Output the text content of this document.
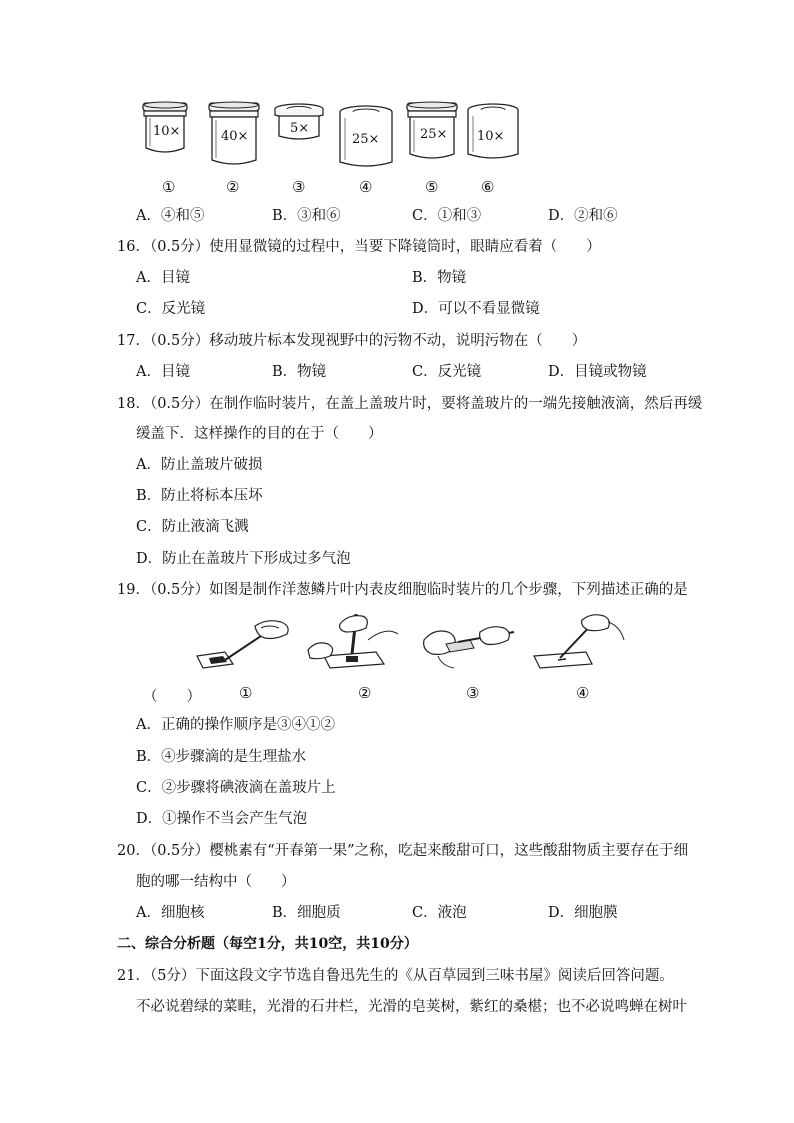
10×	40×
5×
25×	25× 10×
①	②	③	④	⑤	⑥
A．④和⑤	B．③和⑥	C．①和③	D．②和⑥
16．（0.5分）使用显微镜的过程中，当要下降镜筒时，眼睛应看着（　　）
A．目镜	B．物镜
C．反光镜	D．可以不看显微镜
17．（0.5分）移动玻片标本发现视野中的污物不动，说明污物在（　　）
A．目镜	B．物镜	C．反光镜	D．目镜或物镜
18．（0.5分）在制作临时装片，在盖上盖玻片时，要将盖玻片的一端先接触液滴，然后再缓
缓盖下．这样操作的目的在于（　　）
A．防止盖玻片破损
B．防止将标本压坏
C．防止液滴飞溅
D．防止在盖玻片下形成过多气泡
19．（0.5分）如图是制作洋葱鳞片叶内表皮细胞临时装片的几个步骤，下列描述正确的是
（　　）	①	②	③	④
A．正确的操作顺序是③④①②
B．④步骤滴的是生理盐水
C．②步骤将碘液滴在盖玻片上
D．①操作不当会产生气泡
20．（0.5分）樱桃素有“开春第一果”之称，吃起来酸甜可口，这些酸甜物质主要存在于细
胞的哪一结构中（　　）
A．细胞核	B．细胞质	C．液泡	D．细胞膜
二、综合分析题（每空1分，共10空，共10分）
21．（5分）下面这段文字节选自鲁迅先生的《从百草园到三味书屋》阅读后回答问题。
不必说碧绿的菜畦，光滑的石井栏，光滑的皂荚树，紫红的桑椹；也不必说鸣蝉在树叶
